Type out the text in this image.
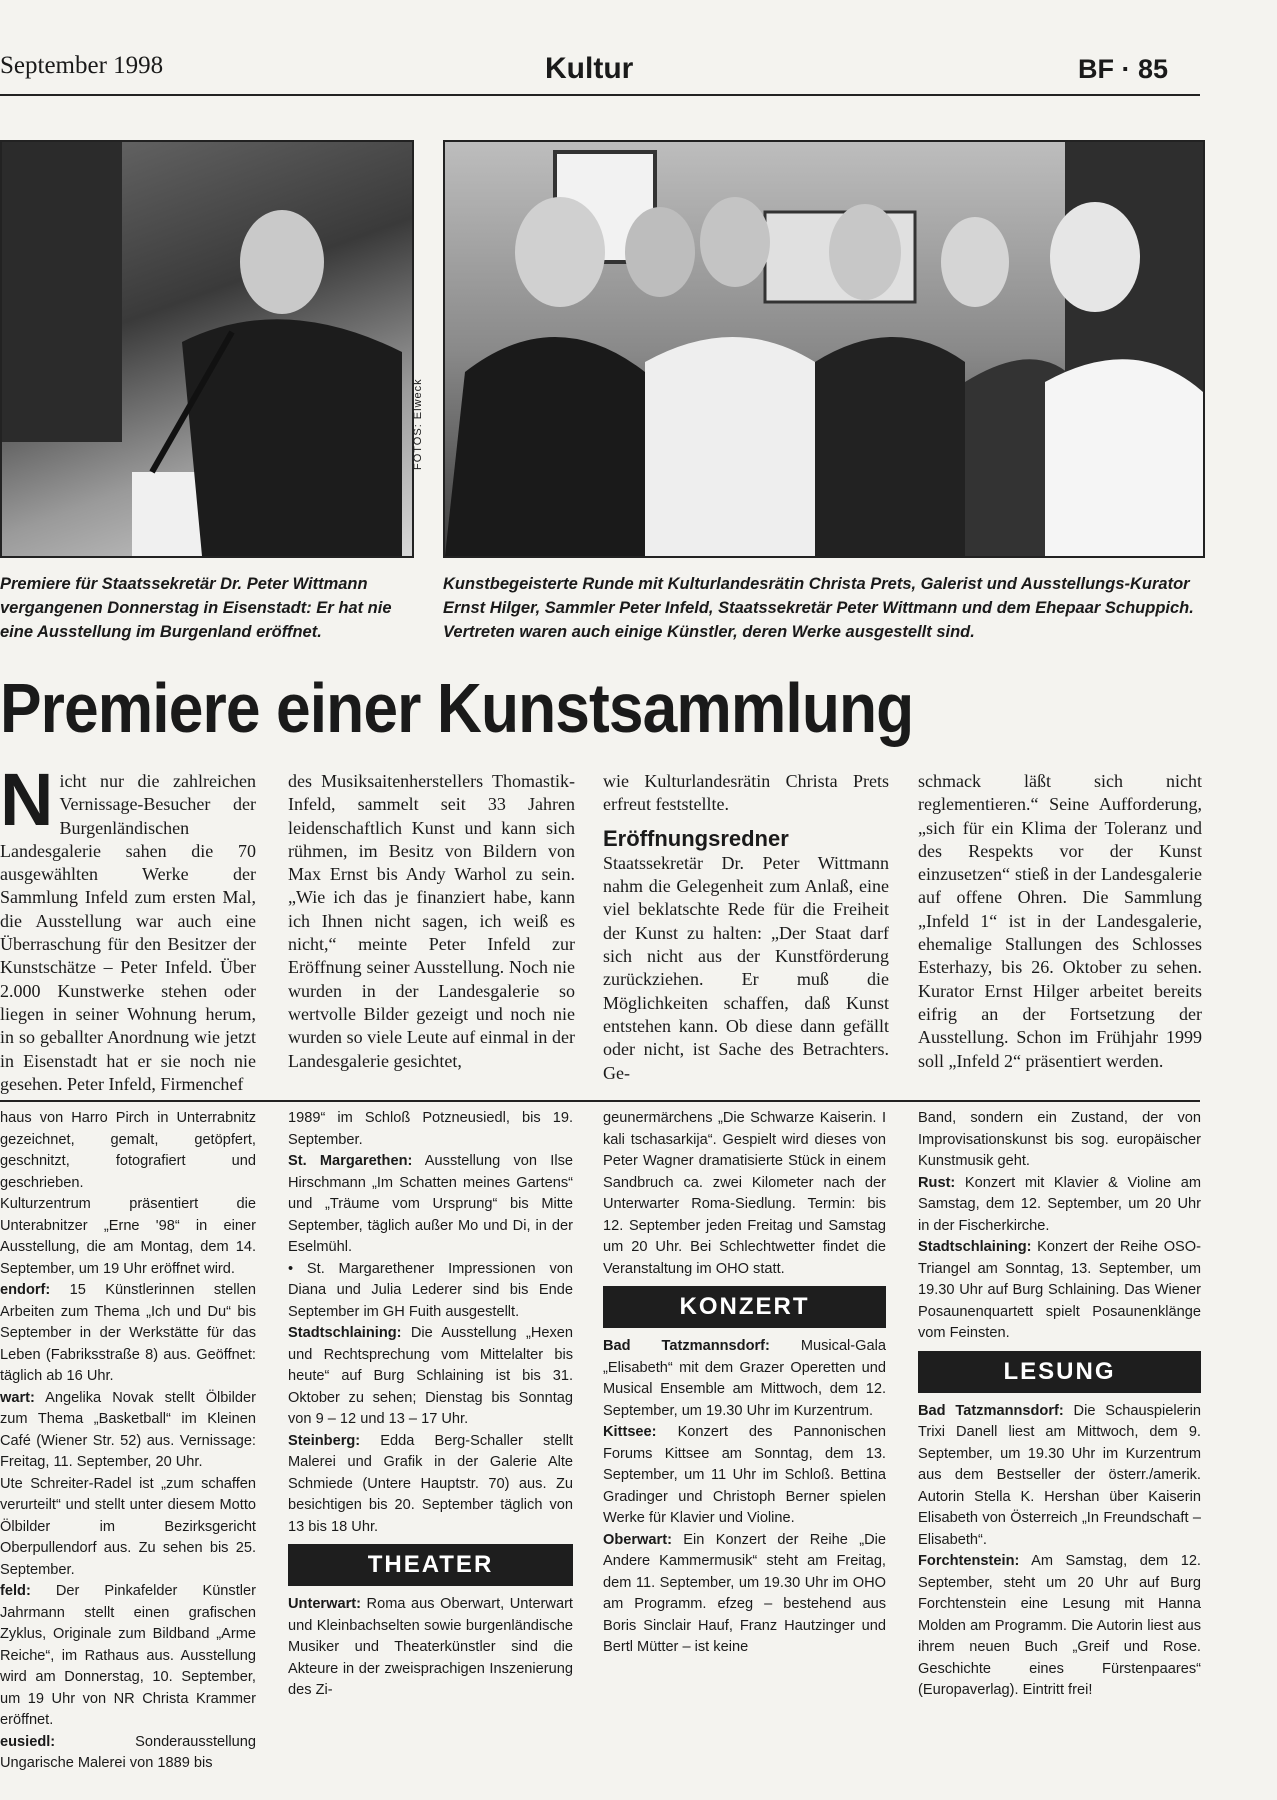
September 1998	Kultur	BF · 85
FOTOS: Elweck
Premiere für Staatssekretär Dr. Peter Wittmann vergangenen Donnerstag in Eisenstadt: Er hat nie eine Ausstellung im Burgenland eröffnet.
Kunstbegeisterte Runde mit Kulturlandesrätin Christa Prets, Galerist und Ausstellungs-Kurator Ernst Hilger, Sammler Peter Infeld, Staatssekretär Peter Wittmann und dem Ehepaar Schuppich. Vertreten waren auch einige Künstler, deren Werke ausgestellt sind.
Premiere einer Kunstsammlung
Nicht nur die zahlreichen Vernissage-Besucher der Burgenländischen Landesgalerie sahen die 70 ausgewählten Werke der Sammlung Infeld zum ersten Mal, die Ausstellung war auch eine Überraschung für den Besitzer der Kunstschätze – Peter Infeld. Über 2.000 Kunstwerke stehen oder liegen in seiner Wohnung herum, in so geballter Anordnung wie jetzt in Eisenstadt hat er sie noch nie gesehen. Peter Infeld, Firmenchef
des Musiksaitenherstellers Thomastik-Infeld, sammelt seit 33 Jahren leidenschaftlich Kunst und kann sich rühmen, im Besitz von Bildern von Max Ernst bis Andy Warhol zu sein. „Wie ich das je finanziert habe, kann ich Ihnen nicht sagen, ich weiß es nicht,“ meinte Peter Infeld zur Eröffnung seiner Ausstellung. Noch nie wurden in der Landesgalerie so wertvolle Bilder gezeigt und noch nie wurden so viele Leute auf einmal in der Landesgalerie gesichtet,
wie Kulturlandesrätin Christa Prets erfreut feststellte.
Eröffnungsredner Staatssekretär Dr. Peter Wittmann nahm die Gelegenheit zum Anlaß, eine viel beklatschte Rede für die Freiheit der Kunst zu halten: „Der Staat darf sich nicht aus der Kunstförderung zurückziehen. Er muß die Möglichkeiten schaffen, daß Kunst entstehen kann. Ob diese dann gefällt oder nicht, ist Sache des Betrachters. Ge-
schmack läßt sich nicht reglementieren.“ Seine Aufforderung, „sich für ein Klima der Toleranz und des Respekts vor der Kunst einzusetzen“ stieß in der Landesgalerie auf offene Ohren. Die Sammlung „Infeld 1“ ist in der Landesgalerie, ehemalige Stallungen des Schlosses Esterhazy, bis 26. Oktober zu sehen. Kurator Ernst Hilger arbeitet bereits eifrig an der Fortsetzung der Ausstellung. Schon im Frühjahr 1999 soll „Infeld 2“ präsentiert werden.
haus von Harro Pirch in Unterrabnitz gezeichnet, gemalt, getöpfert, geschnitzt, fotografiert und geschrieben.
Kulturzentrum präsentiert die Unterabnitzer „Erne '98“ in einer Ausstellung, die am Montag, dem 14. September, um 19 Uhr eröffnet wird.
endorf: 15 Künstlerinnen stellen Arbeiten zum Thema „Ich und Du“ bis September in der Werkstätte für das Leben (Fabriksstraße 8) aus. Geöffnet: täglich ab 16 Uhr.
wart: Angelika Novak stellt Ölbilder zum Thema „Basketball“ im Kleinen Café (Wiener Str. 52) aus. Vernissage: Freitag, 11. September, 20 Uhr.
Ute Schreiter-Radel ist „zum schaffen verurteilt“ und stellt unter diesem Motto Ölbilder im Bezirksgericht Oberpullendorf aus. Zu sehen bis 25. September.
feld: Der Pinkafelder Künstler Jahrmann stellt einen grafischen Zyklus, Originale zum Bildband „Arme Reiche“, im Rathaus aus. Ausstellung wird am Donnerstag, 10. September, um 19 Uhr von NR Christa Krammer eröffnet.
eusiedl: Sonderausstellung Ungarische Malerei von 1889 bis
1989“ im Schloß Potzneusiedl, bis 19. September.
St. Margarethen: Ausstellung von Ilse Hirschmann „Im Schatten meines Gartens“ und „Träume vom Ursprung“ bis Mitte September, täglich außer Mo und Di, in der Eselmühl.
• St. Margarethener Impressionen von Diana und Julia Lederer sind bis Ende September im GH Fuith ausgestellt.
Stadtschlaining: Die Ausstellung „Hexen und Rechtsprechung vom Mittelalter bis heute“ auf Burg Schlaining ist bis 31. Oktober zu sehen; Dienstag bis Sonntag von 9 – 12 und 13 – 17 Uhr.
Steinberg: Edda Berg-Schaller stellt Malerei und Grafik in der Galerie Alte Schmiede (Untere Hauptstr. 70) aus. Zu besichtigen bis 20. September täglich von 13 bis 18 Uhr.
THEATER
Unterwart: Roma aus Oberwart, Unterwart und Kleinbachselten sowie burgenländische Musiker und Theaterkünstler sind die Akteure in der zweisprachigen Inszenierung des Zi-
geunermärchens „Die Schwarze Kaiserin. I kali tschasarkija“. Gespielt wird dieses von Peter Wagner dramatisierte Stück in einem Sandbruch ca. zwei Kilometer nach der Unterwarter Roma-Siedlung. Termin: bis 12. September jeden Freitag und Samstag um 20 Uhr. Bei Schlechtwetter findet die Veranstaltung im OHO statt.
KONZERT
Bad Tatzmannsdorf: Musical-Gala „Elisabeth“ mit dem Grazer Operetten und Musical Ensemble am Mittwoch, dem 12. September, um 19.30 Uhr im Kurzentrum.
Kittsee: Konzert des Pannonischen Forums Kittsee am Sonntag, dem 13. September, um 11 Uhr im Schloß. Bettina Gradinger und Christoph Berner spielen Werke für Klavier und Violine.
Oberwart: Ein Konzert der Reihe „Die Andere Kammermusik“ steht am Freitag, dem 11. September, um 19.30 Uhr im OHO am Programm. efzeg – bestehend aus Boris Sinclair Hauf, Franz Hautzinger und Bertl Mütter – ist keine
Band, sondern ein Zustand, der von Improvisationskunst bis sog. europäischer Kunstmusik geht.
Rust: Konzert mit Klavier & Violine am Samstag, dem 12. September, um 20 Uhr in der Fischerkirche.
Stadtschlaining: Konzert der Reihe OSO-Triangel am Sonntag, 13. September, um 19.30 Uhr auf Burg Schlaining. Das Wiener Posaunenquartett spielt Posaunenklänge vom Feinsten.
LESUNG
Bad Tatzmannsdorf: Die Schauspielerin Trixi Danell liest am Mittwoch, dem 9. September, um 19.30 Uhr im Kurzentrum aus dem Bestseller der österr./amerik. Autorin Stella K. Hershan über Kaiserin Elisabeth von Österreich „In Freundschaft – Elisabeth“.
Forchtenstein: Am Samstag, dem 12. September, steht um 20 Uhr auf Burg Forchtenstein eine Lesung mit Hanna Molden am Programm. Die Autorin liest aus ihrem neuen Buch „Greif und Rose. Geschichte eines Fürstenpaares“ (Europaverlag). Eintritt frei!
